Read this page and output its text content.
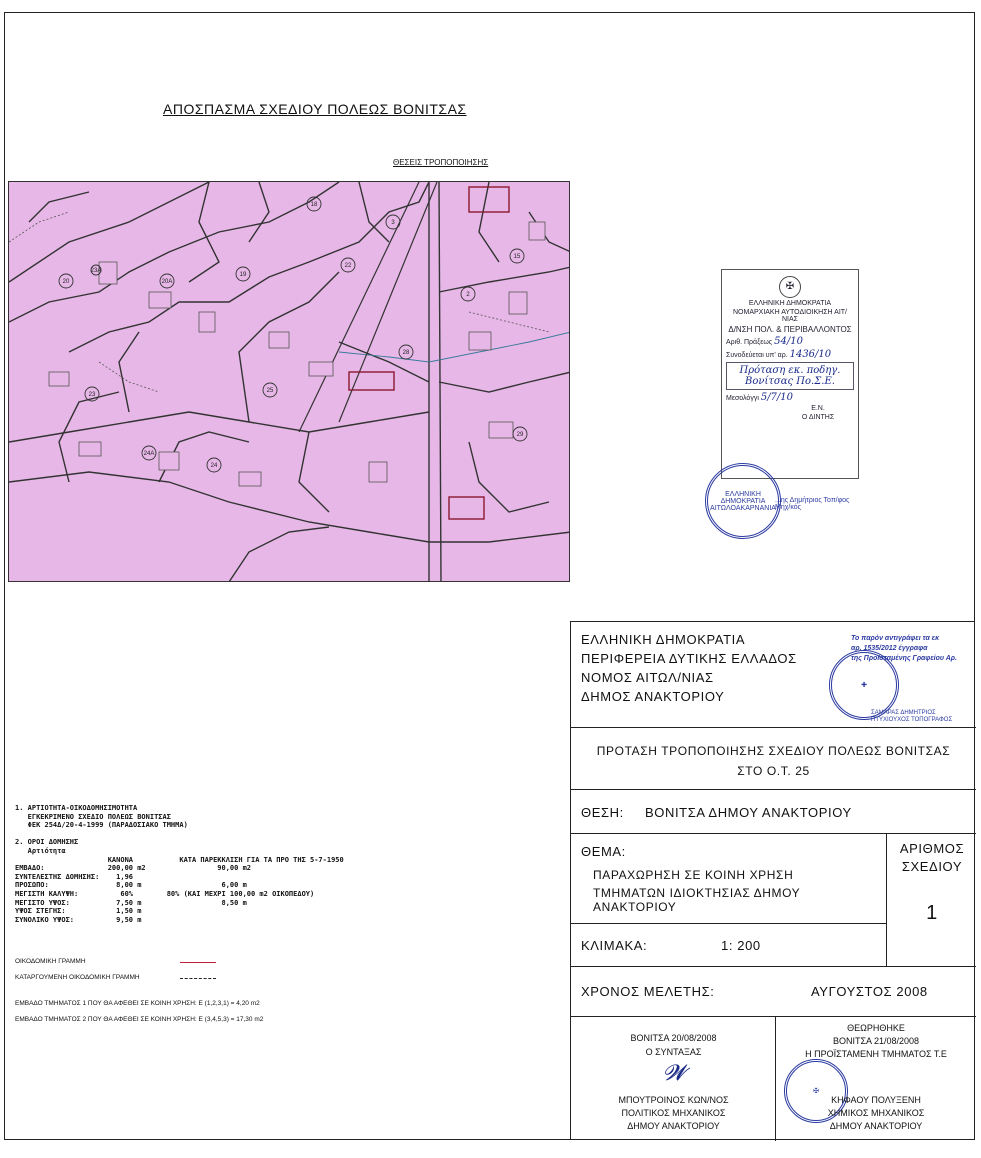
ΑΠΟΣΠΑΣΜΑ ΣΧΕΔΙΟΥ ΠΟΛΕΩΣ ΒΟΝΙΤΣΑΣ
ΘΕΣΕΙΣ ΤΡΟΠΟΠΟΙΗΣΗΣ
18
3
20	20Α
19
15
2
22
23
25
28
24Α
24
29
23Α
✠
ΕΛΛΗΝΙΚΗ ΔΗΜΟΚΡΑΤΙΑ
ΝΟΜΑΡΧΙΑΚΗ ΑΥΤΟΔΙΟΙΚΗΣΗ ΑΙΤ/ΝΙΑΣ
Δ/ΝΣΗ ΠΟΛ. & ΠΕΡΙΒΑΛΛΟΝΤΟΣ
Αριθ. Πράξεως 54/10
Συνοδεύεται υπ' αρ. 1436/10
Πρόταση εκ. ποδηγ. Βονίτσας Πο.Σ.Ε.
Μεσολόγγι 5/7/10
Ε.Ν.
Ο ΔΙΝΤΗΣ
ΕΛΛΗΝΙΚΗ ΔΗΜΟΚΡΑΤΙΑ ΑΙΤΩΛΟΑΚΑΡΝΑΝΙΑ
...ης Δημήτριος Τοπ/φος Μηχ/κός
1. ΑΡΤΙΟΤΗΤΑ-ΟΙΚΟΔΟΜΗΣΙΜΟΤΗΤΑ
ΕΓΚΕΚΡΙΜΕΝΟ ΣΧΕΔΙΟ ΠΟΛΕΩΣ ΒΟΝΙΤΣΑΣ
ΦΕΚ 254Δ/20-4-1999 (ΠΑΡΑΔΟΣΙΑΚΟ ΤΜΗΜΑ)

2. ΟΡΟΙ ΔΟΜΗΣΗΣ
Αρτιότητα
ΚΑΝΟΝΑ           ΚΑΤΑ ΠΑΡΕΚΚΛΙΣΗ ΓΙΑ ΤΑ ΠΡΟ ΤΗΣ 5-7-1950
ΕΜΒΑΔΟ:               200,00 m2                 90,00 m2
ΣΥΝΤΕΛΕΣΤΗΣ ΔΟΜΗΣΗΣ:    1,96
ΠΡΟΣΩΠΟ:                8,00 m                   6,00 m
ΜΕΓΙΣΤΗ ΚΑΛΥΨΗ:          60%        80% (ΚΑΙ ΜΕΧΡΙ 100,00 m2 ΟΙΚΟΠΕΔΟΥ)
ΜΕΓΙΣΤΟ ΥΨΟΣ:           7,50 m                   8,50 m
ΥΨΟΣ ΣΤΕΓΗΣ:            1,50 m
ΣΥΝΟΛΙΚΟ ΥΨΟΣ:          9,50 m
ΟΙΚΟΔΟΜΙΚΗ ΓΡΑΜΜΗ
ΚΑΤΑΡΓΟΥΜΕΝΗ ΟΙΚΟΔΟΜΙΚΗ ΓΡΑΜΜΗ
ΕΜΒΑΔΟ ΤΜΗΜΑΤΟΣ 1 ΠΟΥ ΘΑ ΑΦΕΘΕΙ ΣΕ ΚΟΙΝΗ ΧΡΗΣΗ: Ε (1,2,3,1) = 4,20 m2
ΕΜΒΑΔΟ ΤΜΗΜΑΤΟΣ 2 ΠΟΥ ΘΑ ΑΦΕΘΕΙ ΣΕ ΚΟΙΝΗ ΧΡΗΣΗ: Ε (3,4,5,3) = 17,30 m2
ΕΛΛΗΝΙΚΗ ΔΗΜΟΚΡΑΤΙΑ
ΠΕΡΙΦΕΡΕΙΑ ΔΥΤΙΚΗΣ ΕΛΛΑΔΟΣ
ΝΟΜΟΣ ΑΙΤΩΛ/ΝΙΑΣ
ΔΗΜΟΣ ΑΝΑΚΤΟΡΙΟΥ
Το παρόν αντιγράφει τα εκ
αρ. 1535/2012 έγγραφα
της Προϊσταμένης Γραφείου Αρ.
✚
ΣΑΜΑΡΑΣ ΔΗΜΗΤΡΙΟΣ
ΠΤΥΧΙΟΥΧΟΣ ΤΟΠΟΓΡΑΦΟΣ
ΠΡΟΤΑΣΗ ΤΡΟΠΟΠΟΙΗΣΗΣ ΣΧΕΔΙΟΥ ΠΟΛΕΩΣ ΒΟΝΙΤΣΑΣ
ΣΤΟ Ο.Τ. 25
ΘΕΣΗ: ΒΟΝΙΤΣΑ ΔΗΜΟΥ ΑΝΑΚΤΟΡΙΟΥ
ΘΕΜΑ:
ΠΑΡΑΧΩΡΗΣΗ ΣΕ ΚΟΙΝΗ ΧΡΗΣΗ
ΤΜΗΜΑΤΩΝ ΙΔΙΟΚΤΗΣΙΑΣ ΔΗΜΟΥ ΑΝΑΚΤΟΡΙΟΥ
ΚΛΙΜΑΚΑ:	1: 200
ΑΡΙΘΜΟΣ ΣΧΕΔΙΟΥ
1
ΧΡΟΝΟΣ ΜΕΛΕΤΗΣ:	ΑΥΓΟΥΣΤΟΣ 2008
ΒΟΝΙΤΣΑ 20/08/2008
Ο ΣΥΝΤΑΞΑΣ
𝓦
ΜΠΟΥΤΡΟΙΝΟΣ ΚΩΝ/ΝΟΣ
ΠΟΛΙΤΙΚΟΣ ΜΗΧΑΝΙΚΟΣ
ΔΗΜΟΥ ΑΝΑΚΤΟΡΙΟΥ
ΘΕΩΡΗΘΗΚΕ
ΒΟΝΙΤΣΑ 21/08/2008
Η ΠΡΟΪΣΤΑΜΕΝΗ ΤΜΗΜΑΤΟΣ Τ.Ε
✠
ΚΗΦΑΟΥ ΠΟΛΥΞΕΝΗ
ΧΗΜΙΚΟΣ ΜΗΧΑΝΙΚΟΣ
ΔΗΜΟΥ ΑΝΑΚΤΟΡΙΟΥ
